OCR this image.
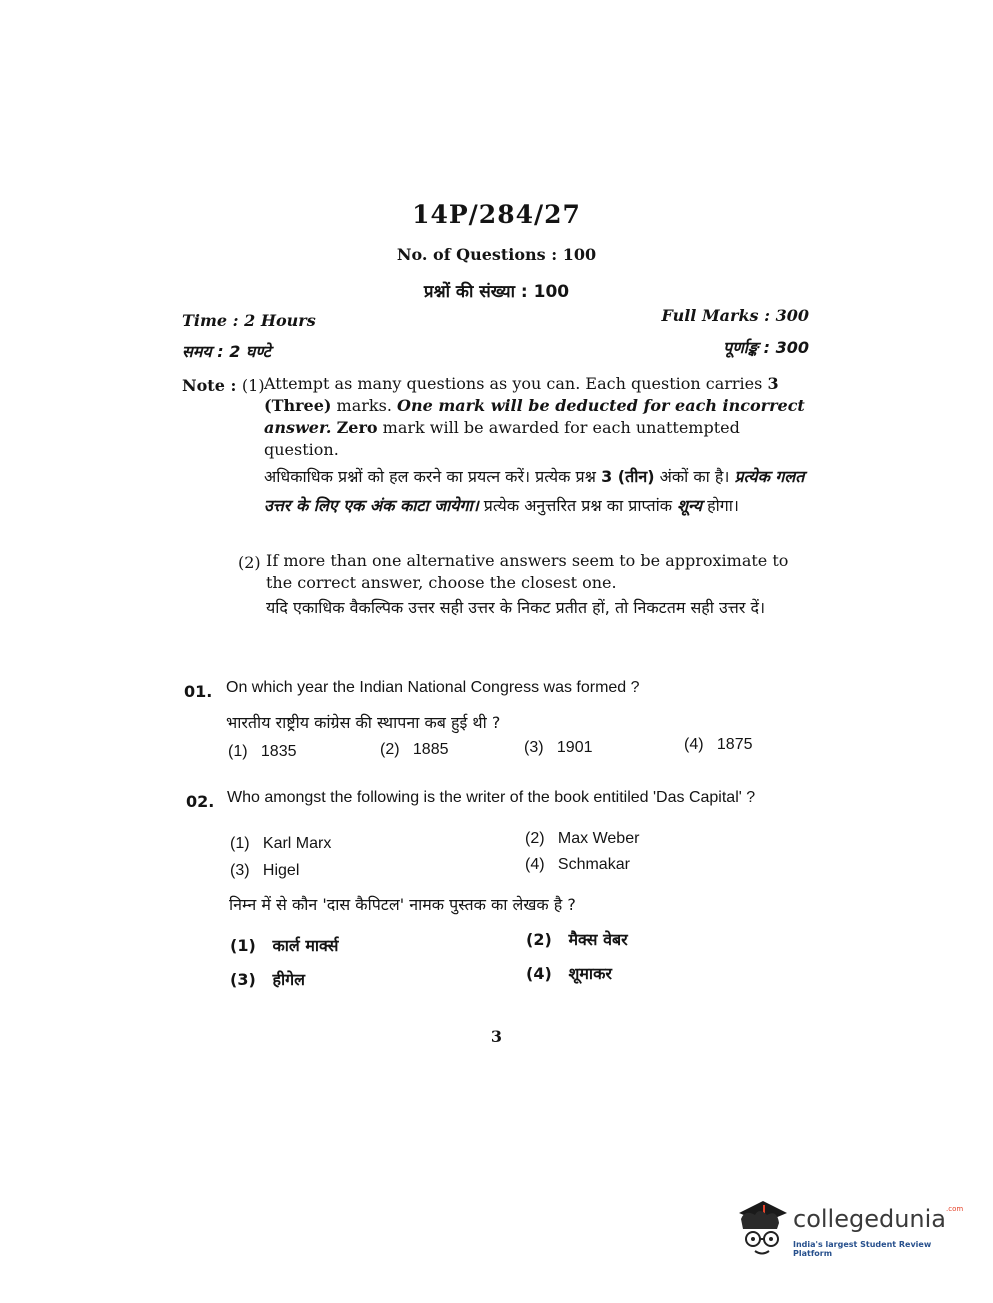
14P/284/27
No. of Questions : 100
प्रश्नों की संख्या : 100
Time : 2 Hours
समय : 2 घण्टे
Full Marks : 300
पूर्णाङ्क : 300
Note : (1) Attempt as many questions as you can. Each question carries 3 (Three) marks. One mark will be deducted for each incorrect answer. Zero mark will be awarded for each unattempted question.
अधिकाधिक प्रश्नों को हल करने का प्रयत्न करें। प्रत्येक प्रश्न 3 (तीन) अंकों का है। प्रत्येक गलत उत्तर के लिए एक अंक काटा जायेगा। प्रत्येक अनुत्तरित प्रश्न का प्राप्तांक शून्य होगा।
(2) If more than one alternative answers seem to be approximate to the correct answer, choose the closest one.
यदि एकाधिक वैकल्पिक उत्तर सही उत्तर के निकट प्रतीत हों, तो निकटतम सही उत्तर दें।
01. On which year the Indian National Congress was formed ?
भारतीय राष्ट्रीय कांग्रेस की स्थापना कब हुई थी ?
(1) 1835	(2) 1885	(3) 1901	(4) 1875
02. Who amongst the following is the writer of the book entitiled 'Das Capital' ?
(1) Karl Marx	(2) Max Weber
(3) Higel	(4) Schmakar
निम्न में से कौन 'दास कैपिटल' नामक पुस्तक का लेखक है ?
(1) कार्ल मार्क्स	(2) मैक्स वेबर
(3) हीगेल	(4) शूमाकर
3
collegedunia$^{.com}$
India's largest Student Review Platform
